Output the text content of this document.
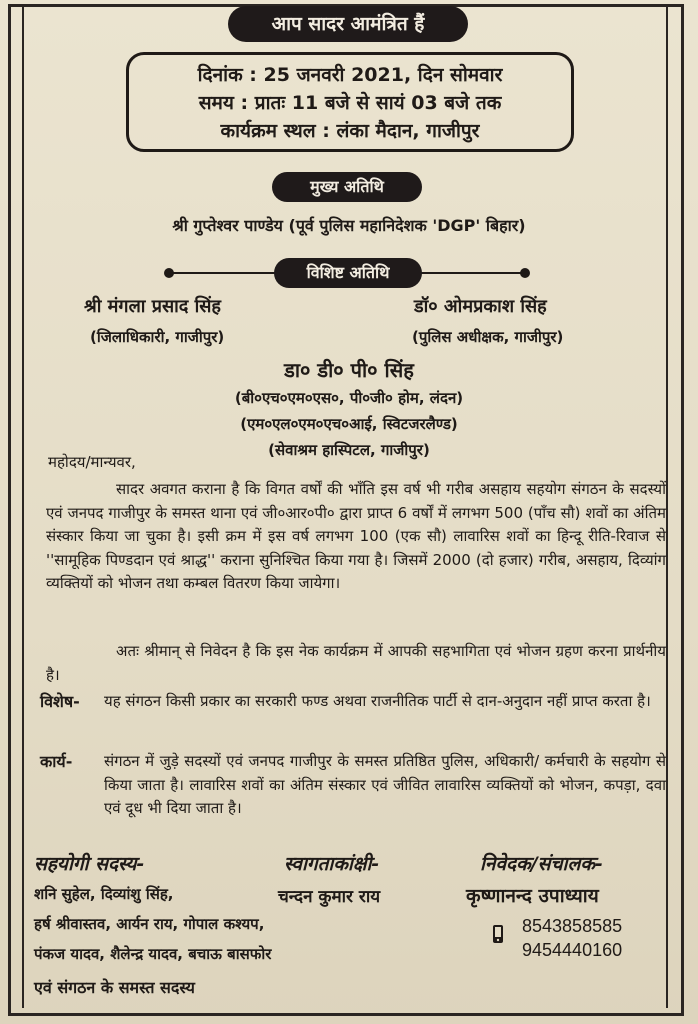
आप सादर आमंत्रित हैं
दिनांक : 25 जनवरी 2021, दिन सोमवार
समय : प्रातः 11 बजे से सायं 03 बजे तक
कार्यक्रम स्थल : लंका मैदान, गाजीपुर
मुख्य अतिथि
श्री गुप्तेश्वर पाण्डेय (पूर्व पुलिस महानिदेशक 'DGP' बिहार)
विशिष्ट अतिथि
श्री मंगला प्रसाद सिंह
(जिलाधिकारी, गाजीपुर)
डॉ० ओमप्रकाश सिंह
(पुलिस अधीक्षक, गाजीपुर)
डा० डी० पी० सिंह
(बी०एच०एम०एस०, पी०जी० होम, लंदन)
(एम०एल०एम०एच०आई, स्विटजरलैण्ड)
(सेवाश्रम हास्पिटल, गाजीपुर)
महोदय/मान्यवर,
सादर अवगत कराना है कि विगत वर्षों की भाँति इस वर्ष भी गरीब असहाय सहयोग संगठन के सदस्यों एवं जनपद गाजीपुर के समस्त थाना एवं जी०आर०पी० द्वारा प्राप्त 6 वर्षों में लगभग 500 (पाँच सौ) शवों का अंतिम संस्कार किया जा चुका है। इसी क्रम में इस वर्ष लगभग 100 (एक सौ) लावारिस शवों का हिन्दू रीति-रिवाज से ''सामूहिक पिण्डदान एवं श्राद्ध'' कराना सुनिश्चित किया गया है। जिसमें 2000 (दो हजार) गरीब, असहाय, दिव्यांग व्यक्तियों को भोजन तथा कम्बल वितरण किया जायेगा।
अतः श्रीमान् से निवेदन है कि इस नेक कार्यक्रम में आपकी सहभागिता एवं भोजन ग्रहण करना प्रार्थनीय है।
विशेष- यह संगठन किसी प्रकार का सरकारी फण्ड अथवा राजनीतिक पार्टी से दान-अनुदान नहीं प्राप्त करता है।
कार्य- संगठन में जुड़े सदस्यों एवं जनपद गाजीपुर के समस्त प्रतिष्ठित पुलिस, अधिकारी/ कर्मचारी के सहयोग से किया जाता है। लावारिस शवों का अंतिम संस्कार एवं जीवित लावारिस व्यक्तियों को भोजन, कपड़ा, दवा एवं दूध भी दिया जाता है।
सहयोगी सदस्य-
शनि सुहेल, दिव्यांशु सिंह,
हर्ष श्रीवास्तव, आर्यन राय, गोपाल कश्यप,
पंकज यादव, शैलेन्द्र यादव, बचाऊ बासफोर
एवं संगठन के समस्त सदस्य
स्वागताकांक्षी-
चन्दन कुमार राय
निवेदक/संचालक-
कृष्णानन्द उपाध्याय
8543858585
9454440160
